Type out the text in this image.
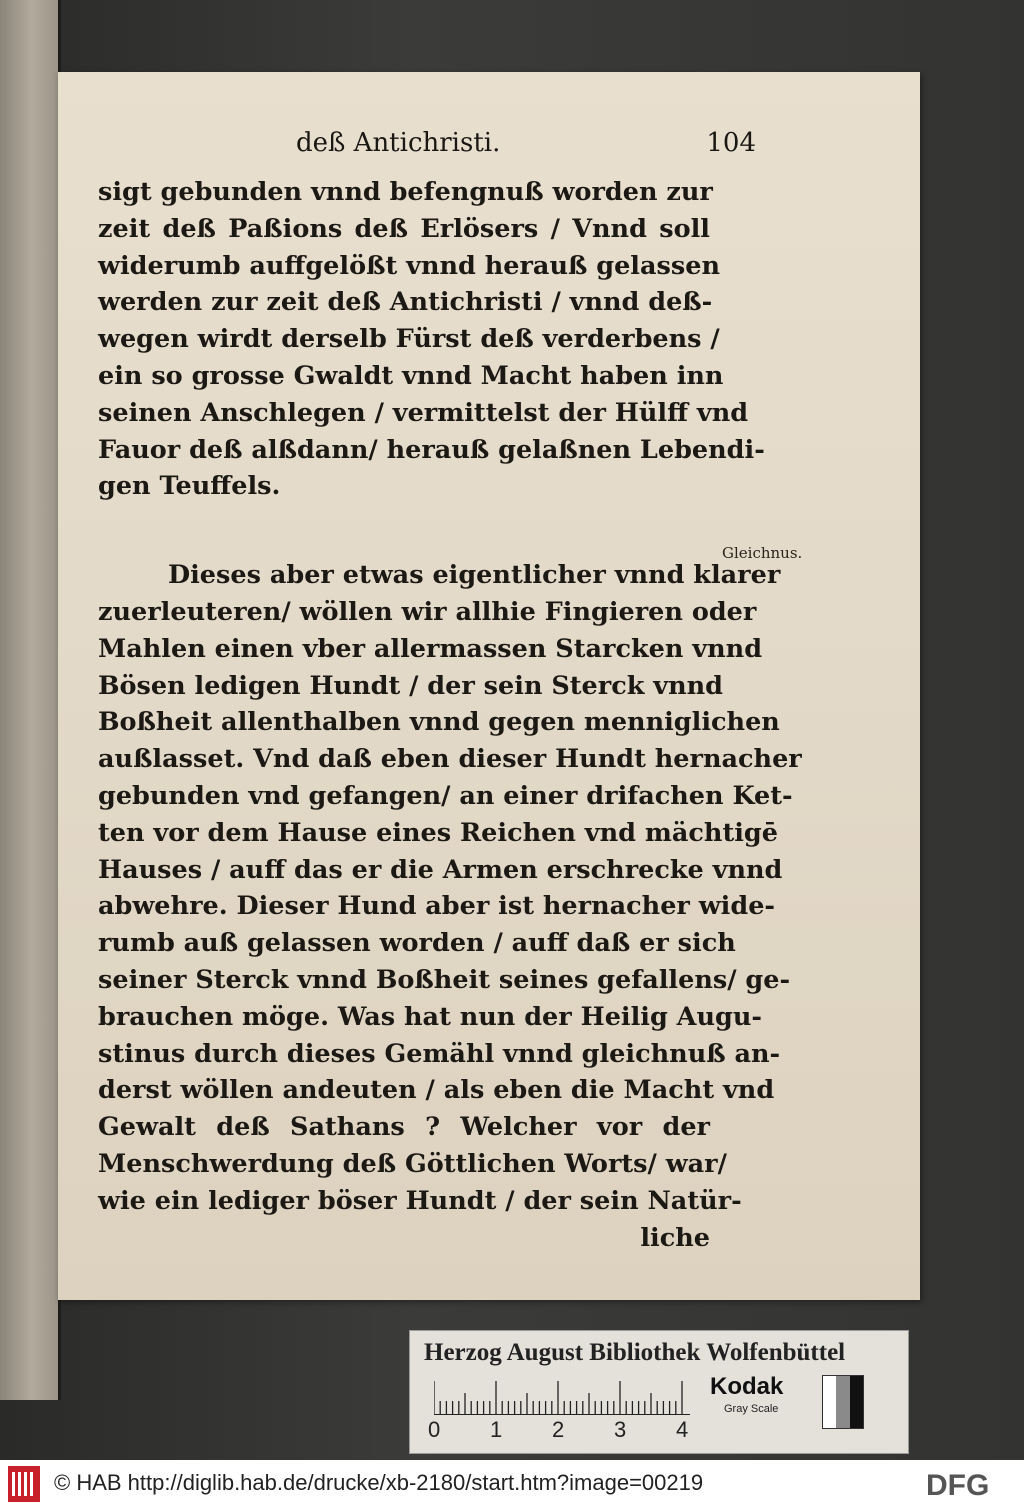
deß Antichristi.	104
sigt gebunden vnnd befengnuß worden zur
zeit deß Paßions deß Erlösers / Vnnd soll
widerumb auffgelößt vnnd herauß gelassen
werden zur zeit deß Antichristi / vnnd deß-
wegen wirdt derselb Fürst deß verderbens /
ein so grosse Gwaldt vnnd Macht haben inn
seinen Anschlegen / vermittelst der Hülff vnd
Fauor deß alßdann/ herauß gelaßnen Lebendi-
gen Teuffels.
Dieses aber etwas eigentlicher vnnd klarer
zuerleuteren/ wöllen wir allhie Fingieren oder
Mahlen einen vber allermassen Starcken vnnd
Bösen ledigen Hundt / der sein Sterck vnnd
Boßheit allenthalben vnnd gegen menniglichen
außlasset. Vnd daß eben dieser Hundt hernacher
gebunden vnd gefangen/ an einer drifachen Ket-
ten vor dem Hause eines Reichen vnd mächtigē
Hauses / auff das er die Armen erschrecke vnnd
abwehre. Dieser Hund aber ist hernacher wide-
rumb auß gelassen worden / auff daß er sich
seiner Sterck vnnd Boßheit seines gefallens/ ge-
brauchen möge. Was hat nun der Heilig Augu-
stinus durch dieses Gemähl vnnd gleichnuß an-
derst wöllen andeuten / als eben die Macht vnd
Gewalt deß Sathans ? Welcher vor der
Menschwerdung deß Göttlichen Worts/ war/
wie ein lediger böser Hundt / der sein Natür-
liche
Gleichnus.
Herzog August Bibliothek Wolfenbüttel
0 1 2 3 4
Kodak
Gray Scale
© HAB http://diglib.hab.de/drucke/xb-2180/start.htm?image=00219	DFG
